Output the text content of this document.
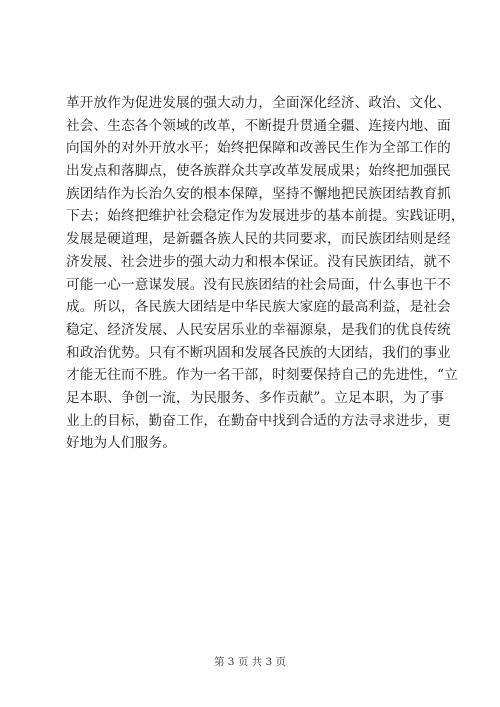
革开放作为促进发展的强大动力，全面深化经济、政治、文化、
社会、生态各个领域的改革，不断提升贯通全疆、连接内地、面
向国外的对外开放水平；始终把保障和改善民生作为全部工作的
出发点和落脚点，使各族群众共享改革发展成果；始终把加强民
族团结作为长治久安的根本保障，坚持不懈地把民族团结教育抓
下去；始终把维护社会稳定作为发展进步的基本前提。实践证明，
发展是硬道理，是新疆各族人民的共同要求，而民族团结则是经
济发展、社会进步的强大动力和根本保证。没有民族团结，就不
可能一心一意谋发展。没有民族团结的社会局面，什么事也干不
成。所以，各民族大团结是中华民族大家庭的最高利益，是社会
稳定、经济发展、人民安居乐业的幸福源泉，是我们的优良传统
和政治优势。只有不断巩固和发展各民族的大团结，我们的事业
才能无往而不胜。作为一名干部，时刻要保持自己的先进性，“立
足本职、争创一流，为民服务、多作贡献”。立足本职，为了事
业上的目标，勤奋工作，在勤奋中找到合适的方法寻求进步，更
好地为人们服务。
第 3 页 共 3 页
